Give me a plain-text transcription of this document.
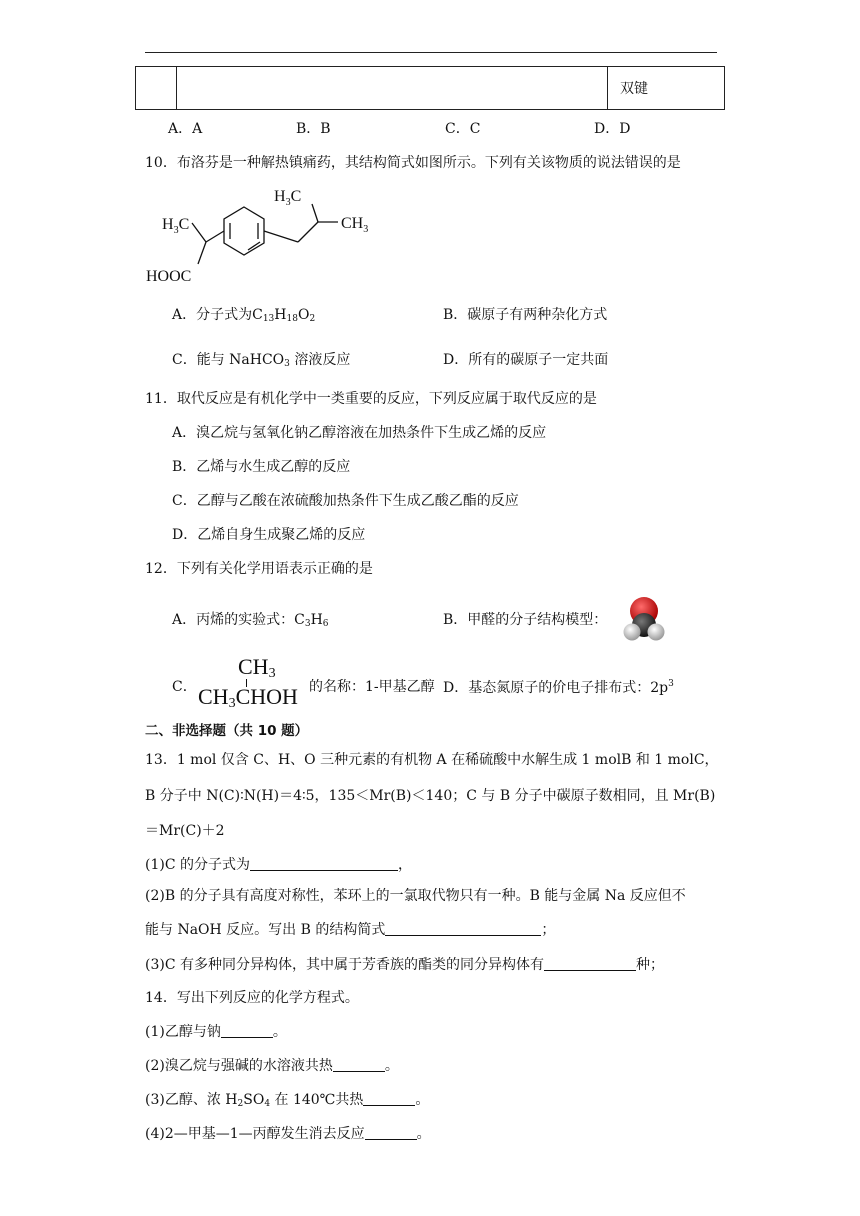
		双键
A．A	B．B	C．C	D．D
10．布洛芬是一种解热镇痛药，其结构简式如图所示。下列有关该物质的说法错误的是
$H_3C$
$H_3C$
$CH_3$
HOOC
A．分子式为$C_{13}H_{18}O_2$	B．碳原子有两种杂化方式
C．能与 NaHCO$_3$ 溶液反应	D．所有的碳原子一定共面
11．取代反应是有机化学中一类重要的反应，下列反应属于取代反应的是
A．溴乙烷与氢氧化钠乙醇溶液在加热条件下生成乙烯的反应
B．乙烯与水生成乙醇的反应
C．乙醇与乙酸在浓硫酸加热条件下生成乙酸乙酯的反应
D．乙烯自身生成聚乙烯的反应
12．下列有关化学用语表示正确的是
A．丙烯的实验式：$C_3H_6$	B．甲醛的分子结构模型：
C．
$CH_3$
$CH_3CHOH$ 的名称：1-甲基乙醇 D．基态氮原子的价电子排布式：$2p^3$
二、非选择题（共 10 题）
13．1 mol 仅含 C、H、O 三种元素的有机物 A 在稀硫酸中水解生成 1 molB 和 1 molC，
B 分子中 N(C)∶N(H)＝4∶5，135＜Mr(B)＜140；C 与 B 分子中碳原子数相同，且 Mr(B)
＝Mr(C)＋2
(1)C 的分子式为	，
(2)B 的分子具有高度对称性，苯环上的一氯取代物只有一种。B 能与金属 Na 反应但不
能与 NaOH 反应。写出 B 的结构简式	；
(3)C 有多种同分异构体，其中属于芳香族的酯类的同分异构体有	种；
14．写出下列反应的化学方程式。
(1)乙醇与钠	。
(2)溴乙烷与强碱的水溶液共热	。
(3)乙醇、浓 $H_2SO_4$ 在 140℃共热	。
(4)2—甲基—1—丙醇发生消去反应	。
